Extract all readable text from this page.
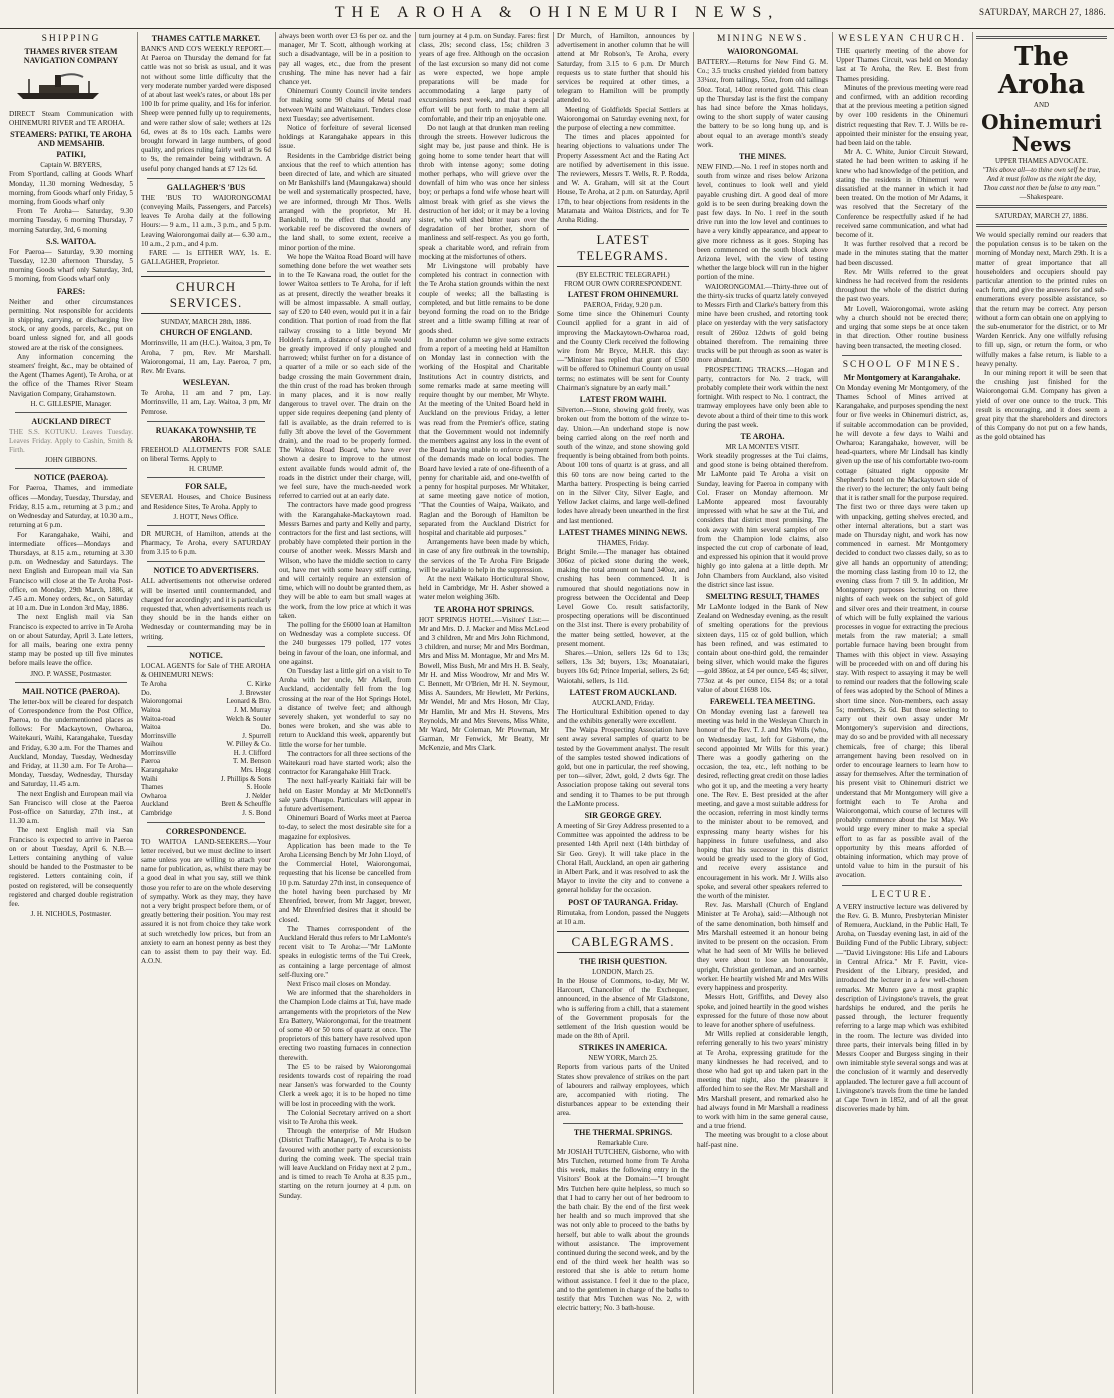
THE AROHA & OHINEMURI NEWS,	SATURDAY, MARCH 27, 1886.
SHIPPING
THAMES RIVER STEAM NAVIGATION COMPANY

DIRECT Steam Communication with OHINEMURI RIVER and TE AROHA.

STEAMERS: PATIKI, TE AROHA AND MEMSAHIB.
PATIKI,
Captain W. BRYERS,

From S'portland, calling at Goods Wharf Monday, 11.30 morning Wednesday, 5 morning, from Goods wharf only Friday, 5 morning, from Goods wharf only

From Te Aroha— Saturday, 9.30 morning Tuesday, 6 morning Thursday, 7 morning Saturday, 3rd, 6 morning

S.S. WAITOA.

For Paeroa— Saturday, 9.30 morning Tuesday, 12.30 afternoon Thursday, 5 morning Goods wharf only Saturday, 3rd, 5 morning, from Goods wharf only

FARES:

Neither and other circumstances permitting. Not responsible for accidents in shipping, carrying, or discharging live stock, or any goods, parcels, &c., put on board unless signed for, and all goods stowed are at the risk of the consignees.

Any information concerning the steamers' freight, &c., may be obtained of the Agent (Thames Agent), Te Aroha, or at the office of the Thames River Steam Navigation Company, Grahamstown.

H. C. GILLESPIE, Manager.
AUCKLAND DIRECT

THE S.S. KOTUKU. Leaves Tuesday. Leaves Friday. Apply to Cashin, Smith & Firth.

JOHN GIBBONS.
NOTICE (PAEROA).

For Paeroa, Thames, and immediate offices —Monday, Tuesday, Thursday, and Friday, 8.15 a.m., returning at 3 p.m.; and on Wednesday and Saturday, at 10.30 a.m., returning at 6 p.m.

For Karangahake, Waihi, and intermediate offices—Mondays and Thursdays, at 8.15 a.m., returning at 3.30 p.m. on Wednesday and Saturdays. The next English and European mail via San Francisco will close at the Te Aroha Post-office, on Monday, 29th March, 1886, at 7.45 a.m. Money orders, &c., on Saturday at 10 a.m. Due in London 3rd May, 1886.

The next English mail via San Francisco is expected to arrive in Te Aroha on or about Saturday, April 3. Late letters, for all mails, bearing one extra penny stamp may be posted up till five minutes before mails leave the office.

JNO. P. WASSE, Postmaster.
MAIL NOTICE (PAEROA).

The letter-box will be cleared for despatch of Correspondence from the Post Office, Paeroa, to the undermentioned places as follows: For Mackaytown, Owharoa, Waitekauri, Waihi, Karangahake, Tuesday and Friday, 6.30 a.m. For the Thames and Auckland, Monday, Tuesday, Wednesday and Friday, at 11.30 a.m. For Te Aroha—Monday, Tuesday, Wednesday, Thursday and Saturday, 11.45 a.m.

The next English and European mail via San Francisco will close at the Paeroa Post-office on Saturday, 27th inst., at 11.30 a.m.

The next English mail via San Francisco is expected to arrive in Paeroa on or about Tuesday, April 6. N.B.—Letters containing anything of value should be handed to the Postmaster to be registered. Letters containing coin, if posted on registered, will be consequently registered and charged double registration fee.

J. H. NICHOLS, Postmaster.
THAMES CATTLE MARKET.

BANK'S AND CO'S WEEKLY REPORT.—At Paeroa on Thursday the demand for fat cattle was not so brisk as usual, and it was not without some little difficulty that the very moderate number yarded were disposed of at about last week's rates, or about 18s per 100 lb for prime quality, and 16s for inferior. Sheep were penned fully up to requirements, and were rather slow of sale; wethers at 12s 6d, ewes at 8s to 10s each. Lambs were brought forward in large numbers, of good quality, and prices ruling fairly well at 9s 6d to 9s, the remainder being withdrawn. A useful pony changed hands at £7 12s 6d.

GALLAGHER'S 'BUS

THE 'BUS TO WAIORONGOMAI (conveying Mails, Passengers, and Parcels) leaves Te Aroha daily at the following Hours:— 9 a.m., 11 a.m., 3 p.m., and 5 p.m. Leaving Waiorongomai daily at— 6.30 a.m., 10 a.m., 2 p.m., and 4 p.m.

FARE — 1s EITHER WAY, 1s. E. GALLAGHER, Proprietor.

CHURCH SERVICES.
SUNDAY, MARCH 28th, 1886.
CHURCH OF ENGLAND.

Morrinsville, 11 am (H.C.). Waitoa, 3 pm, Te Aroha, 7 pm, Rev. Mr Marshall. Waiorongomai, 11 am, Lay. Paeroa, 7 pm, Rev. Mr Evans.

WESLEYAN.

Te Aroha, 11 am and 7 pm, Lay. Morrinsville, 11 am, Lay. Waitoa, 3 pm, Mr Pemrose.

RUAKAKA TOWNSHIP, TE AROHA.

FREEHOLD ALLOTMENTS FOR SALE on liberal Terms. Apply to

H. CRUMP.
FOR SALE,

SEVERAL Houses, and Choice Business and Residence Sites, Te Aroha. Apply to

J. HOTT, News Office.

DR MURCH, of Hamilton, attends at the Pharmacy, Te Aroha, every SATURDAY from 3.15 to 6 p.m.

NOTICE TO ADVERTISERS.

ALL advertisements not otherwise ordered will be inserted until countermanded, and charged for accordingly; and it is particularly requested that, when advertisements reach us they should be in the hands either on Wednesday or countermanding may be in writing.

NOTICE.

LOCAL AGENTS for Sale of THE AROHA & OHINEMURI NEWS:

Te Aroha	C. Kirke
Do.	J. Brewster
Waiorongomai	Leonard & Bro.
Waitoa	J. M. Murray
Waitoa-road	Welch & Souter
Waitoa	Do.
Morrinsville	J. Spurrell
Waihou	W. Pilley & Co.
Morrinsville	H. J. Clifford
Paeroa	T. M. Benson
Karangahake	Mrs. Hogg
Waihi	J. Phillips & Sons
Thames	S. Hoole
Owharoa	J. Nelder
Auckland	Brett & Scheuffle
Cambridge	J. S. Bond
CORRESPONDENCE.

TO WAITOA LAND-SEEKERS.—Your letter received, but we must decline to insert same unless you are willing to attach your name for publication, as, whilst there may be a good deal in what you say, still we think those you refer to are on the whole deserving of sympathy. Work as they may, they have not a very bright prospect before them, or of greatly bettering their position. You may rest assured it is not from choice they take work at such wretchedly low prices, but from an anxiety to earn an honest penny as best they can to assist them to pay their way. Ed. A.O.N.

always been worth over £3 6s per oz. and the manager, Mr T. Scott, although working at such a disadvantage, will be in a position to pay all wages, etc., due from the present crushing. The mine has never had a fair chance yet.

Ohinemuri County Council invite tenders for making some 90 chains of Metal road between Waihi and Waitekauri. Tenders close next Tuesday; see advertisement.

Notice of forfeiture of several licensed holdings at Karangahake appears in this issue.

Residents in the Cambridge district being anxious that the reef to which attention has been directed of late, and which are situated on Mr Bankshill's land (Maungakawa) should be well and systematically prospected, have, we are informed, through Mr Thos. Wells arranged with the proprietor, Mr H. Bankshill, to the effect that should any workable reef be discovered the owners of the land shall, to some extent, receive a minor portion of the mine.

We hope the Waitoa Road Board will have something done before the wet weather sets in to the Te Kawana road, the outlet for the lower Waitoa settlers to Te Aroha, for if left as at present, directly the weather breaks it will be almost impassable. A small outlay, say of £20 to £40 even, would put it in a fair condition. That portion of road from the flat railway crossing to a little beyond Mr Holden's farm, a distance of say a mile would be greatly improved if only ploughed and harrowed; whilst further on for a distance of a quarter of a mile or so each side of the badge crossing the main Government drain, the thin crust of the road has broken through in many places, and it is now really dangerous to travel over. The drain on the upper side requires deepening (and plenty of fall is available, as the drain referred to is fully 3ft above the level of the Government drain), and the road to be properly formed. The Waitoa Road Board, who have ever shown a desire to improve to the utmost extent available funds would admit of, the roads in the district under their charge, will, we feel sure, have the much-needed work referred to carried out at an early date.

The contractors have made good progress with the Karangahake-Mackaytown road. Messrs Barnes and party and Kelly and party, contractors for the first and last sections, will probably have completed their portion in the course of another week. Messrs Marsh and Wilson, who have the middle section to carry out, have met with some heavy stiff cutting, and will certainly require an extension of time, which will no doubt be granted them, as they will be able to earn but small wages at the work, from the low price at which it was taken.

The polling for the £6000 loan at Hamilton on Wednesday was a complete success. Of the 240 burgesses 179 polled, 177 votes being in favour of the loan, one informal, and one against.

On Tuesday last a little girl on a visit to Te Aroha with her uncle, Mr Arkell, from Auckland, accidentally fell from the log crossing at the rear of the Hot Springs Hotel, a distance of twelve feet; and although severely shaken, yet wonderful to say no bones were broken, and she was able to return to Auckland this week, apparently but little the worse for her tumble.

The contractors for all three sections of the Waitekauri road have started work; also the contractor for Karangahake Hill Track.

The next half-yearly Kaitiaki fair will be held on Easter Monday at Mr McDonnell's sale yards Ohaupo. Particulars will appear in a future advertisement.

Ohinemuri Board of Works meet at Paeroa to-day, to select the most desirable site for a magazine for explosives.

Application has been made to the Te Aroha Licensing Bench by Mr John Lloyd, of the Commercial Hotel, Waiorongomai, requesting that his license be cancelled from 10 p.m. Saturday 27th inst, in consequence of the hotel having been purchased by Mr Ehrenfried, brewer, from Mr Jagger, brewer, and Mr Ehrenfried desires that it should be closed.

The Thames correspondent of the Auckland Herald thus refers to Mr LaMonte's recent visit to Te Aroha:—"Mr LaMonte speaks in eulogistic terms of the Tui Creek, as containing a large percentage of almost self-fluxing ore."

Next Frisco mail closes on Monday.

We are informed that the shareholders in the Champion Lode claims at Tui, have made arrangements with the proprietors of the New Era Battery, Waiorongomai, for the treatment of some 40 or 50 tons of quartz at once. The proprietors of this battery have resolved upon erecting two roasting furnaces in connection therewith.

The £5 to be raised by Waiorongomai residents towards cost of repairing the road near Jansen's was forwarded to the County Clerk a week ago; it is to be hoped no time will be lost in proceeding with the work.

The Colonial Secretary arrived on a short visit to Te Aroha this week.

Through the enterprise of Mr Hudson (District Traffic Manager), Te Aroha is to be favoured with another party of excursionists during the coming week. The special train will leave Auckland on Friday next at 2 p.m., and is timed to reach Te Aroha at 8.35 p.m., starting on the return journey at 4 p.m. on Sunday.

turn journey at 4 p.m. on Sunday. Fares: first class, 20s; second class, 15s; children 3 years of age free. Although on the occasion of the last excursion so many did not come as were expected, we hope ample preparations will be made for accommodating a large party of excursionists next week, and that a special effort will be put forth to make them all comfortable, and their trip an enjoyable one.

Do not laugh at that drunken man reeling through the streets. However ludicrous the sight may be, just pause and think. He is going home to some tender heart that will throb with intense agony; some doting mother perhaps, who will grieve over the downfall of him who was once her sinless boy; or perhaps a fond wife whose heart will almost break with grief as she views the destruction of her idol; or it may be a loving sister, who will shed bitter tears over the degradation of her brother, shorn of manliness and self-respect. As you go forth, speak a charitable word, and refrain from mocking at the misfortunes of others.

Mr Livingstone will probably have completed his contract in connection with the Te Aroha station grounds within the next couple of weeks; all the ballasting is completed, and but little remains to be done beyond forming the road on to the Bridge street and a little swamp filling at rear of goods shed.

In another column we give some extracts from a report of a meeting held at Hamilton on Monday last in connection with the working of the Hospital and Charitable Institutions Act in country districts, and some remarks made at same meeting will require thought by our member, Mr Whyte. At the meeting of the United Board held in Auckland on the previous Friday, a letter was read from the Premier's office, stating that the Government would not indemnify the members against any loss in the event of the Board having unable to enforce payment of the demands made on local bodies. The Board have levied a rate of one-fifteenth of a penny for charitable aid, and one-twelfth of a penny for hospital purposes. Mr Whitaker, at same meeting gave notice of motion, "That the Counties of Waipa, Waikato, and Raglan and the Borough of Hamilton be separated from the Auckland District for hospital and charitable aid purposes."

Arrangements have been made by which, in case of any fire outbreak in the township, the services of the Te Aroha Fire Brigade will be available to help in the suppression.

At the next Waikato Horticultural Show, held in Cambridge, Mr H. Asher showed a water melon weighing 36lb.

TE AROHA HOT SPRINGS.

HOT SPRINGS HOTEL.—Visitors' List:—Mr and Mrs. D. J. Macker and Miss McLeod and 3 children, Mr and Mrs John Richmond, 3 children, and nurse; Mr and Mrs Bordman, Mrs and Miss M. Montague, Mr and Mrs M. Bowell, Miss Bush, Mr and Mrs H. B. Sealy, Mr H. and Miss Woodrow, Mr and Mrs W. C. Bennett, Mr O'Brien, Mr H. N. Seymour, Miss A. Saunders, Mr Hewlett, Mr Perkins, Mr Wendel, Mr and Mrs Hoson, Mr Clay, Mr Hamlin, Mr and Mrs H. Stevens, Mrs Reynolds, Mr and Mrs Stevens, Miss White, Mr Ward, Mr Coleman, Mr Plowman, Mr Garman, Mr Fenwick, Mr Beatty, Mr McKenzie, and Mrs Clark.

Dr Murch, of Hamilton, announces by advertisement in another column that he will attend at Mr Robson's, Te Aroha, every Saturday, from 3.15 to 6 p.m. Dr Murch requests us to state further that should his services be required at other times, a telegram to Hamilton will be promptly attended to.

Meeting of Goldfields Special Settlers at Waiorongomai on Saturday evening next, for the purpose of electing a new committee.

The times and places appointed for hearing objections to valuations under The Property Assessment Act and the Rating Act are notified by advertisement in this issue. The reviewers, Messrs T. Wells, R. P. Rodda, and W. A. Graham, will sit at the Court House, Te Aroha, at 2 p.m. on Saturday, April 17th, to hear objections from residents in the Matamata and Waitoa Districts, and for Te Aroha Riding.

LATEST TELEGRAMS.
(BY ELECTRIC TELEGRAPH.)
FROM OUR OWN CORRESPONDENT.
LATEST FROM OHINEMURI.
PAEROA, Friday, 9.20 p.m.

Some time since the Ohinemuri County Council applied for a grant in aid of improving the Mackaytown-Owharoa road, and the County Clerk received the following wire from Mr Bryce, M.H.R. this day:—"Minister has replied that grant of £500 will be offered to Ohinemuri County on usual terms; no estimates will be sent for County Chairman's signature by an early mail."

LATEST FROM WAIHI.

Silverton.—Stone, showing gold freely, was broken out from the bottom of the winze to-day. Union.—An underhand stope is now being carried along on the reef north and south of the winze, and stone showing gold frequently is being obtained from both points. About 100 tons of quartz is at grass, and all this 60 tons are now being carted to the Martha battery. Prospecting is being carried on in the Silver City, Silver Eagle, and Yellow Jacket claims, and large well-defined lodes have already been unearthed in the first and last mentioned.

LATEST THAMES MINING NEWS.
THAMES, Friday.

Bright Smile.—The manager has obtained 306oz of picked stone during the week, making the total amount on hand 340oz, and crushing has been commenced. It is rumoured that should negotiations now in progress between the Occidental and Deep Level Gowe Co. result satisfactorily, prospecting operations will be discontinued on the 31st inst. There is every probability of the matter being settled, however, at the present moment.

Shares.—Union, sellers 12s 6d to 13s; sellers, 13s 3d; buyers, 13s; Moanataiari, buyers 10s 6d; Prince Imperial, sellers, 2s 6d; Waiotahi, sellers, 1s 11d.

LATEST FROM AUCKLAND.
AUCKLAND, Friday.

The Horticultural Exhibition opened to day and the exhibits generally were excellent.

The Waipa Prospecting Association have sent away several samples of quartz to be tested by the Government analyst. The result of the samples tested showed indications of gold, but one in particular, the reef showing, per ton—silver, 2dwt, gold, 2 dwts 6gr. The Association propose taking out several tons and sending it to Thames to be put through the LaMonte process.

SIR GEORGE GREY.

A meeting of Sir Grey Address presented to a Committee was appointed the address to be presented 14th April next (14th birthday of Sir Geo. Grey). It will take place in the Choral Hall, Auckland, an open air gathering in Albert Park, and it was resolved to ask the Mayor to invite the city and to convene a general holiday for the occasion.

POST OF TAURANGA. Friday.

Rimutaka, from London, passed the Nuggets at 10 a.m.

CABLEGRAMS.
THE IRISH QUESTION.
LONDON, March 25.

In the House of Commons, to-day, Mr W. Harcourt, Chancellor of the Exchequer, announced, in the absence of Mr Gladstone, who is suffering from a chill, that a statement of the Government proposals for the settlement of the Irish question would be made on the 8th of April.

STRIKES IN AMERICA.
NEW YORK, March 25.

Reports from various parts of the United States show prevalence of strikes on the part of labourers and railway employees, which are, accompanied with rioting. The disturbances appear to be extending their area.

THE THERMAL SPRINGS.
Remarkable Cure.

Mr JOSIAH TUTCHEN, Gisborne, who with Mrs Tutchen, returned home from Te Aroha this week, makes the following entry in the Visitors' Book at the Domain:—"I brought Mrs Tutchen here quite helpless, so much so that I had to carry her out of her bedroom to the bath chair. By the end of the first week her health and so much improved that she was not only able to proceed to the baths by herself, but able to walk about the grounds without assistance. The improvement continued during the second week, and by the end of the third week her health was so restored that she is able to return home without assistance. I feel it due to the place, and to the gentlemen in charge of the baths to testify that Mrs Tutchen was No. 2, with electric battery; No. 3 bath-house.

MINING NEWS.
WAIORONGOMAI.

BATTERY.—Returns for New Find G. M. Co.; 3.5 trucks crushed yielded from battery 33¼oz, from tailings, 55oz, from old tailings 50oz. Total, 140oz retorted gold. This clean up the Thursday last is the first the company has had since before the Xmas holidays, owing to the short supply of water causing the battery to be so long hung up, and is about equal to an average month's steady work.

THE MINES.

NEW FIND.—No. 1 reef in stopes north and south from winze and rises below Arizona level, continues to look well and yield payable crushing dirt. A good deal of more gold is to be seen during breaking down the past few days. In No. 1 reef in the south drive run into the low level and continues to have a very kindly appearance, and appear to give more richness as it goes. Stoping has been commenced on the south block above Arizona level, with the view of testing whether the large block will run in the higher portion of the mine.

WAIORONGOMAI.—Thirty-three out of the thirty-six trucks of quartz lately conveyed to Messrs Firth and Clarke's battery from this mine have been crushed, and retorting took place on yesterday with the very satisfactory result of 260oz 12dwts of gold being obtained therefrom. The remaining three trucks will be put through as soon as water is more abundant.

PROSPECTING TRACKS.—Hogan and party, contractors for No. 2 track, will probably complete their work within the next fortnight. With respect to No. 1 contract, the tramway employees have only been able to devote about a third of their time to this work during the past week.

TE AROHA.
MR LA MONTE'S VISIT.

Work steadily progresses at the Tui claims, and good stone is being obtained therefrom. Mr LaMonte paid Te Aroha a visit on Sunday, leaving for Paeroa in company with Col. Fraser on Monday afternoon. Mr LaMonte appeared most favourably impressed with what he saw at the Tui, and considers that district most promising. The took away with him several samples of ore from the Champion lode claims, also inspected the cut crop of carbonate of lead, and expressed his opinion that it would prove highly go into galena at a little depth. Mr John Chambers from Auckland, also visited the district since last issue.

SMELTING RESULT, THAMES

Mr LaMonte lodged in the Bank of New Zealand on Wednesday evening, as the result of smelting operations for the previous sixteen days, 115 oz of gold bullion, which has been refined, and was estimated to contain about one-third gold, the remainder being silver, which would make the figures—gold 386oz, at £4 per ounce, £45 4s; silver, 773oz at 4s per ounce, £154 8s; or a total value of about £1698 10s.

FAREWELL TEA MEETING.

On Monday evening last a farewell tea meeting was held in the Wesleyan Church in honour of the Rev. T. J. and Mrs Wills (who, on Wednesday last, left for Gisborne, the second appointed Mr Wills for this year.) There was a goodly gathering on the occasion, the tea, etc., left nothing to be desired, reflecting great credit on those ladies who got it up, and the meeting a very hearty one. The Rev. E. Best presided at the after meeting, and gave a most suitable address for the occasion, referring in most kindly terms to the minister about to be removed, and expressing many hearty wishes for his happiness in future usefulness, and also hoping that his successor in this district would be greatly used to the glory of God, and receive every assistance and encouragement in his work. Mr J. Wills also spoke, and several other speakers referred to the worth of the minister.

Rev. Jas. Marshall (Church of England Minister at Te Aroha), said:—Although not of the same denomination, both himself and Mrs Marshall esteemed it an honour being invited to be present on the occasion. From what he had seen of Mr Wills he believed they were about to lose an honourable, upright, Christian gentleman, and an earnest worker. He heartily wished Mr and Mrs Wills every happiness and prosperity.

Messrs Hott, Griffiths, and Devey also spoke, and joined heartily in the good wishes expressed for the future of those now about to leave for another sphere of usefulness.

Mr Wills replied at considerable length, referring generally to his two years' ministry at Te Aroha, expressing gratitude for the many kindnesses he had received, and to those who had got up and taken part in the meeting that night, also the pleasure it afforded him to see the Rev. Mr Marshall and Mrs Marshall present, and remarked also he had always found in Mr Marshall a readiness to work with him in the same general cause, and a true friend.

The meeting was brought to a close about half-past nine.

WESLEYAN CHURCH.

THE quarterly meeting of the above for Upper Thames Circuit, was held on Monday last at Te Aroha, the Rev. E. Best from Thames presiding.

Minutes of the previous meeting were read and confirmed, with an addition recording that at the previous meeting a petition signed by over 100 residents in the Ohinemuri district requesting that Rev. T. J. Wills be re-appointed their minister for the ensuing year, had been laid on the table.

Mr A. C. White, Junior Circuit Steward, stated he had been written to asking if he knew who had knowledge of the petition, and stating the residents in Ohinemuri were dissatisfied at the manner in which it had been treated. On the motion of Mr Adams, it was resolved that the Secretary of the Conference be respectfully asked if he had received same communication, and what had become of it.

It was further resolved that a record be made in the minutes stating that the matter had been discussed.

Rev. Mr Wills referred to the great kindness he had received from the residents throughout the whole of the district during the past two years.

Mr Lovell, Waiorongomai, wrote asking why a church should not be erected there; and urging that some steps be at once taken in that direction. Other routine business having been transacted, the meeting closed.

SCHOOL OF MINES.
Mr Montgomery at Karangahake.

On Monday evening Mr Montgomery, of the Thames School of Mines arrived at Karangahake, and purposes spending the next four or five weeks in Ohinemuri district, as, if suitable accommodation can be provided, he will devote a few days to Waihi and Owharoa; Karangahake, however, will be head-quarters, where Mr Lindsall has kindly given up the use of his comfortable two-room cottage (situated right opposite Mr Shepherd's hotel on the Mackaytown side of the river) to the lecturer; the only fault being that it is rather small for the purpose required. The first two or three days were taken up with unpacking, getting shelves erected, and other internal alterations, but a start was made on Thursday night, and work has now commenced in earnest. Mr Montgomery decided to conduct two classes daily, so as to give all hands an opportunity of attending; the morning class lasting from 10 to 12, the evening class from 7 till 9. In addition, Mr Montgomery purposes lecturing on three nights of each week on the subject of gold and silver ores and their treatment, in course of which will be fully explained the various processes in vogue for extracting the precious metals from the raw material; a small portable furnace having been brought from Thames with this object in view. Assaying will be proceeded with on and off during his stay. With respect to assaying it may be well to remind our readers that the following scale of fees was adopted by the School of Mines a short time since. Non-members, each assay 5s; members, 2s 6d. But those selecting to carry out their own assay under Mr Montgomery's supervision and directions, may do so and be provided with all necessary chemicals, free of charge; this liberal arrangement having been resolved on in order to encourage learners to learn how to assay for themselves. After the termination of his present visit to Ohinemuri district we understand that Mr Montgomery will give a fortnight each to Te Aroha and Waiorongomai, which course of lectures will probably commence about the 1st May. We would urge every miner to make a special effort to as far as possible avail of the opportunity by this means afforded of obtaining information, which may prove of untold value to him in the pursuit of his avocation.

LECTURE.

A VERY instructive lecture was delivered by the Rev. G. B. Munro, Presbyterian Minister of Remuera, Auckland, in the Public Hall, Te Aroha, on Tuesday evening last, in aid of the Building Fund of the Public Library, subject:—"David Livingstone: His Life and Labours in Central Africa." Mr F. Pavitt, vice-President of the Library, presided, and introduced the lecturer in a few well-chosen remarks. Mr Munro gave a most graphic description of Livingstone's travels, the great hardships he endured, and the perils he passed through, the lecturer frequently referring to a large map which was exhibited in the room. The lecture was divided into three parts, their intervals being filled in by Messrs Cooper and Burgess singing in their own inimitable style several songs and was at the conclusion of it warmly and deservedly applauded. The lecturer gave a full account of Livingstone's travels from the time he landed at Cape Town in 1852, and of all the great discoveries made by him.

The Aroha
AND
Ohinemuri News
UPPER THAMES ADVOCATE.
"This above all—to thine own self be true,
And it must follow as the night the day,
Thou canst not then be false to any man."
—Shakespeare.
SATURDAY, MARCH 27, 1886.

We would specially remind our readers that the population census is to be taken on the morning of Monday next, March 29th. It is a matter of great importance that all householders and occupiers should pay particular attention to the printed rules on each form, and give the answers for and sub-enumerations every possible assistance, so that the return may be correct. Any person without a form can obtain one on applying to the sub-enumerator for the district, or to Mr Warden Kenrick. Any one wilfully refusing to fill up, sign, or return the form, or who wilfully makes a false return, is liable to a heavy penalty.

In our mining report it will be seen that the crushing just finished for the Waiorongomai G.M. Company has given a yield of over one ounce to the truck. This result is encouraging, and it does seem a great pity that the shareholders and directors of this Company do not put on a few hands, as the gold obtained has
